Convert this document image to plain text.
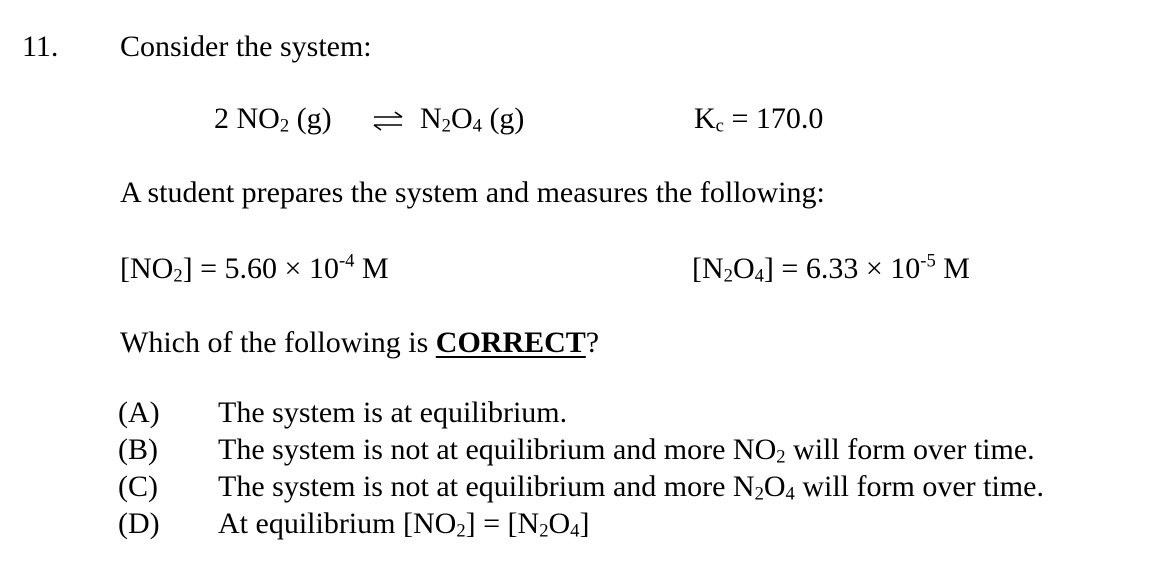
11. Consider the system:
2 $NO_2$ (g) ⇌ $N_2O_4$ (g)	$K_c = 170.0$
A student prepares the system and measures the following:
$[NO_2] = 5.60 \times 10^{-4}$ M	$[N_2O_4] = 6.33 \times 10^{-5}$ M
Which of the following is CORRECT?
(A) The system is at equilibrium.
(B) The system is not at equilibrium and more $NO_2$ will form over time.
(C) The system is not at equilibrium and more $N_2O_4$ will form over time.
(D) At equilibrium $[NO_2] = [N_2O_4]$
